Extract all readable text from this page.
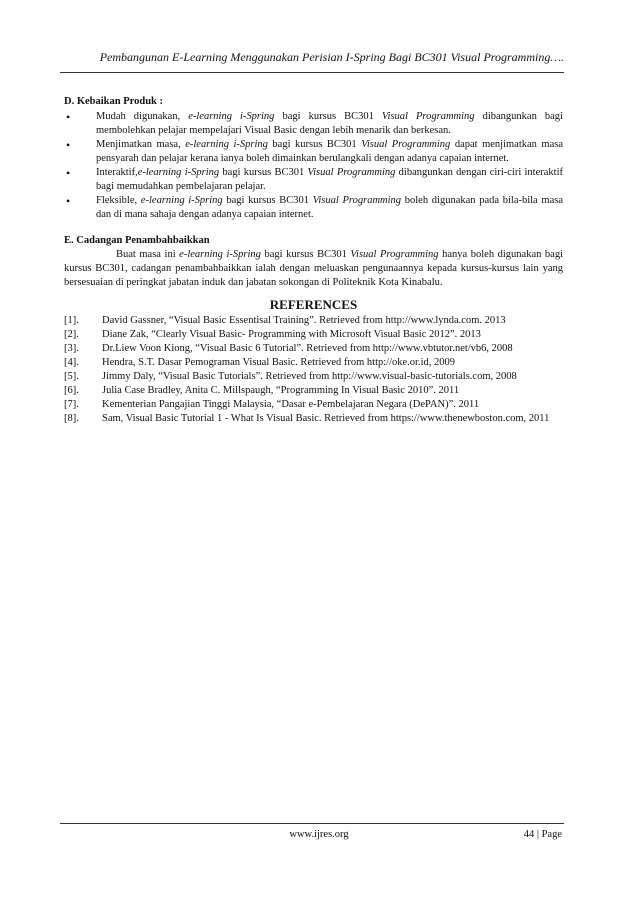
Pembangunan E-Learning Menggunakan Perisian I-Spring Bagi BC301 Visual Programming….
D. Kebaikan Produk :
• Mudah digunakan, e-learning i-Spring bagi kursus BC301 Visual Programming dibangunkan bagi membolehkan pelajar mempelajari Visual Basic dengan lebih menarik dan berkesan.
• Menjimatkan masa, e-learning i-Spring bagi kursus BC301 Visual Programming dapat menjimatkan masa pensyarah dan pelajar kerana ianya boleh dimainkan berulangkali dengan adanya capaian internet.
• Interaktif,e-learning i-Spring bagi kursus BC301 Visual Programming dibangunkan dengan ciri-ciri interaktif bagi memudahkan pembelajaran pelajar.
• Fleksible, e-learning i-Spring bagi kursus BC301 Visual Programming boleh digunakan pada bila-bila masa dan di mana sahaja dengan adanya capaian internet.
E. Cadangan Penambahbaikkan

Buat masa ini e-learning i-Spring bagi kursus BC301 Visual Programming hanya boleh digunakan bagi kursus BC301, cadangan penambahbaikkan ialah dengan meluaskan pengunaannya kepada kursus-kursus lain yang bersesuaian di peringkat jabatan induk dan jabatan sokongan di Politeknik Kota Kinabalu.

REFERENCES
[1].	David Gassner, “Visual Basic Essentisal Training”. Retrieved from http://www.lynda.com. 2013
[2].	Diane Zak, “Clearly Visual Basic- Programming with Microsoft Visual Basic 2012”. 2013
[3].	Dr.Liew Voon Kiong, “Visual Basic 6 Tutorial”. Retrieved from http://www.vbtutor.net/vb6, 2008
[4].	Hendra, S.T. Dasar Pemograman Visual Basic. Retrieved from http://oke.or.id, 2009
[5].	Jimmy Daly, “Visual Basic Tutorials”. Retrieved from http://www.visual-basic-tutorials.com, 2008
[6].	Julia Case Bradley, Anita C. Millspaugh, “Programming In Visual Basic 2010”. 2011
[7].	Kementerian Pangajian Tinggi Malaysia, “Dasar e-Pembelajaran Negara (DePAN)”. 2011
[8].	Sam, Visual Basic Tutorial 1 - What Is Visual Basic. Retrieved from https://www.thenewboston.com, 2011
www.ijres.org	44 | Page
